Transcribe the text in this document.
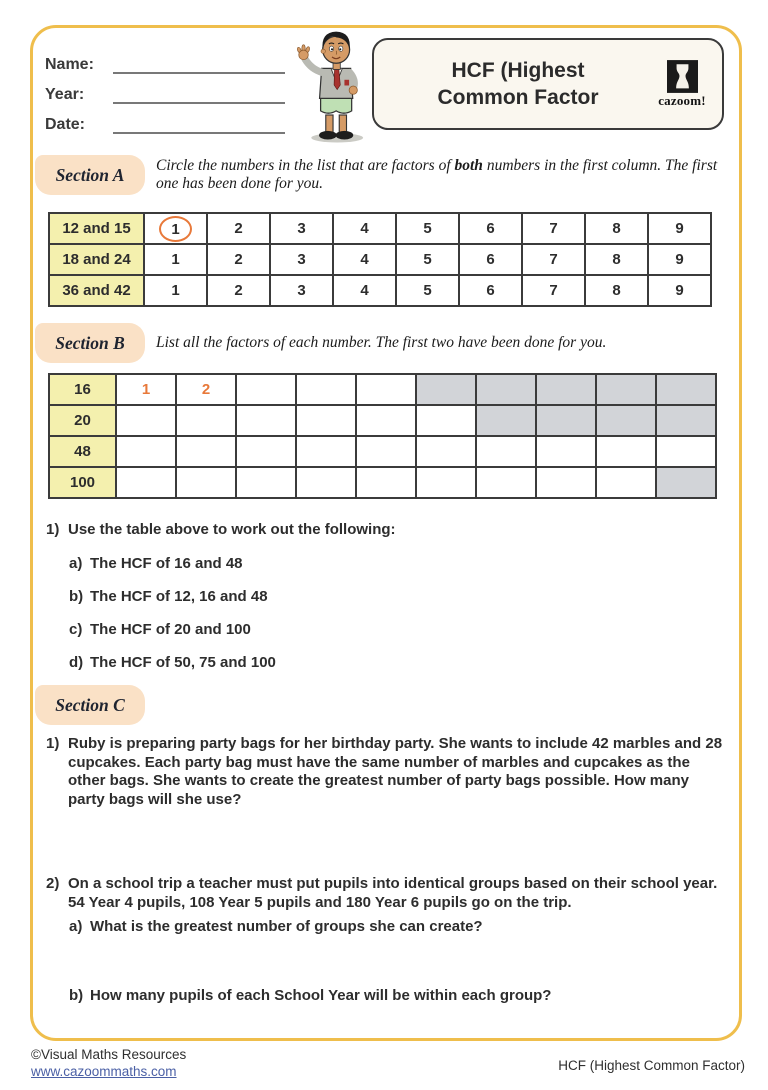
Name:
Year:
Date:
HCF (Highest
Common Factor	cazoom!
Section A	Circle the numbers in the list that are factors of both numbers in the first column. The first one has been done for you.
12 and 15	1	2	3	4	5	6	7	8	9
18 and 24	1	2	3	4	5	6	7	8	9
36 and 42	1	2	3	4	5	6	7	8	9
Section B	List all the factors of each number. The first two have been done for you.
16	1	2								
20										
48										
100										
1) Use the table above to work out the following:
a) The HCF of 16 and 48
b) The HCF of 12, 16 and 48
c) The HCF of 20 and 100
d) The HCF of 50, 75 and 100
Section C
1) Ruby is preparing party bags for her birthday party. She wants to include 42 marbles and 28 cupcakes. Each party bag must have the same number of marbles and cupcakes as the other bags. She wants to create the greatest number of party bags possible. How many party bags will she use?
2) On a school trip a teacher must put pupils into identical groups based on their school year. 54 Year 4 pupils, 108 Year 5 pupils and 180 Year 6 pupils go on the trip.
a) What is the greatest number of groups she can create?
b) How many pupils of each School Year will be within each group?
©Visual Maths Resources
www.cazoommaths.com	HCF (Highest Common Factor)
